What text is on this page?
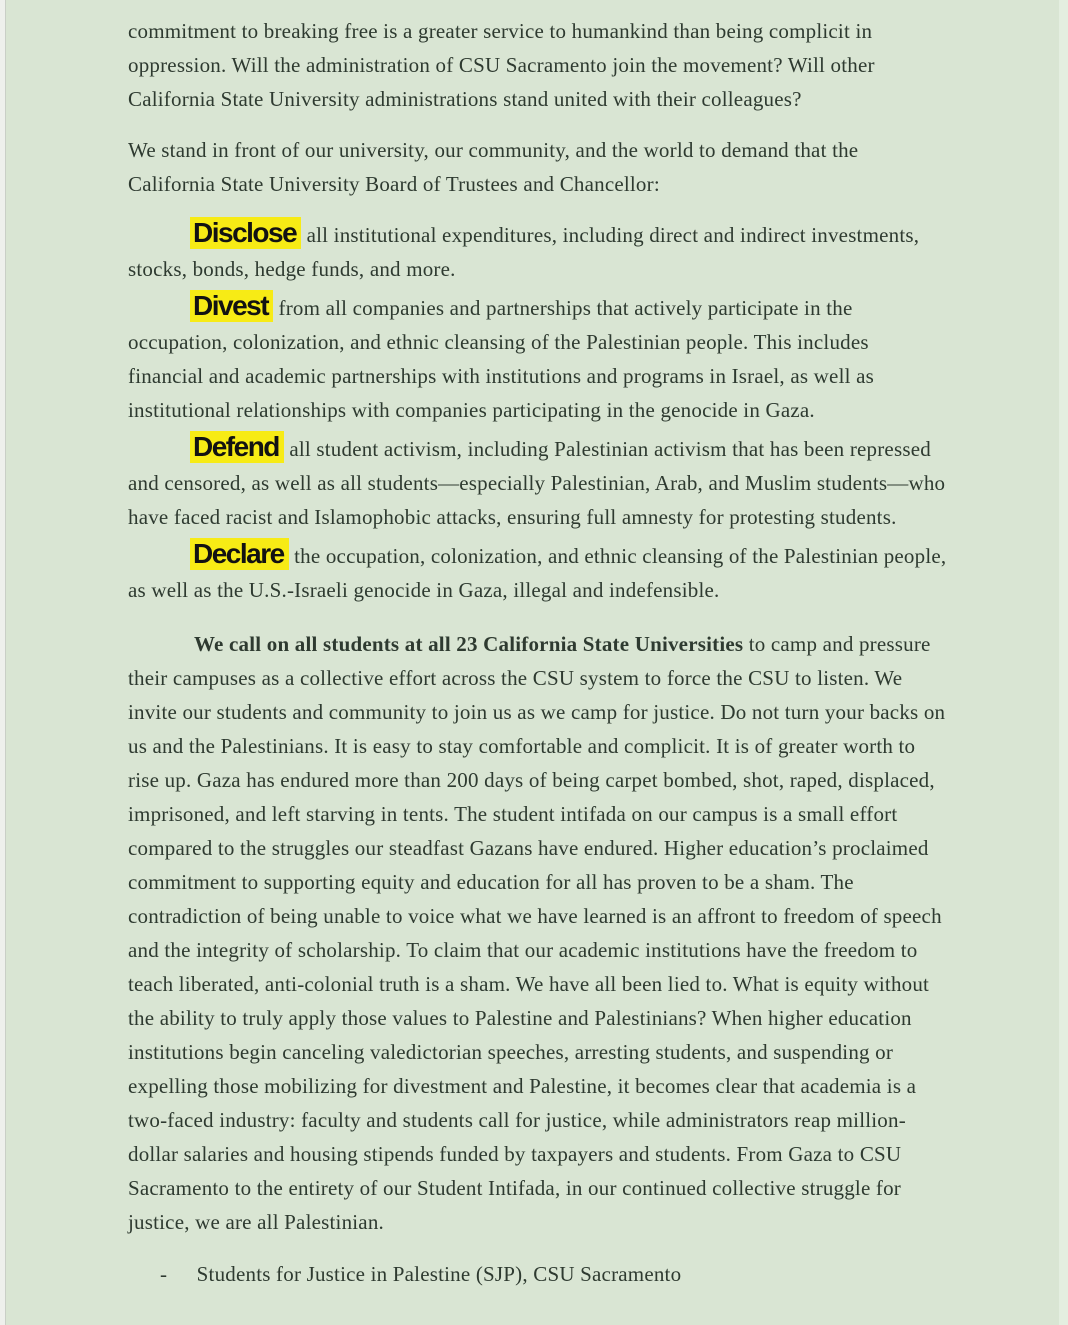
commitment to breaking free is a greater service to humankind than being complicit in oppression. Will the administration of CSU Sacramento join the movement? Will other California State University administrations stand united with their colleagues?

We stand in front of our university, our community, and the world to demand that the California State University Board of Trustees and Chancellor:

Disclose all institutional expenditures, including direct and indirect investments, stocks, bonds, hedge funds, and more.

Divest from all companies and partnerships that actively participate in the occupation, colonization, and ethnic cleansing of the Palestinian people. This includes financial and academic partnerships with institutions and programs in Israel, as well as institutional relationships with companies participating in the genocide in Gaza.

Defend all student activism, including Palestinian activism that has been repressed and censored, as well as all students—especially Palestinian, Arab, and Muslim students—who have faced racist and Islamophobic attacks, ensuring full amnesty for protesting students.

Declare the occupation, colonization, and ethnic cleansing of the Palestinian people, as well as the U.S.-Israeli genocide in Gaza, illegal and indefensible.

We call on all students at all 23 California State Universities to camp and pressure their campuses as a collective effort across the CSU system to force the CSU to listen. We invite our students and community to join us as we camp for justice. Do not turn your backs on us and the Palestinians. It is easy to stay comfortable and complicit. It is of greater worth to rise up. Gaza has endured more than 200 days of being carpet bombed, shot, raped, displaced, imprisoned, and left starving in tents. The student intifada on our campus is a small effort compared to the struggles our steadfast Gazans have endured. Higher education’s proclaimed commitment to supporting equity and education for all has proven to be a sham. The contradiction of being unable to voice what we have learned is an affront to freedom of speech and the integrity of scholarship. To claim that our academic institutions have the freedom to teach liberated, anti-colonial truth is a sham. We have all been lied to. What is equity without the ability to truly apply those values to Palestine and Palestinians? When higher education institutions begin canceling valedictorian speeches, arresting students, and suspending or expelling those mobilizing for divestment and Palestine, it becomes clear that academia is a two-faced industry: faculty and students call for justice, while administrators reap million-dollar salaries and housing stipends funded by taxpayers and students. From Gaza to CSU Sacramento to the entirety of our Student Intifada, in our continued collective struggle for justice, we are all Palestinian.

- Students for Justice in Palestine (SJP), CSU Sacramento
